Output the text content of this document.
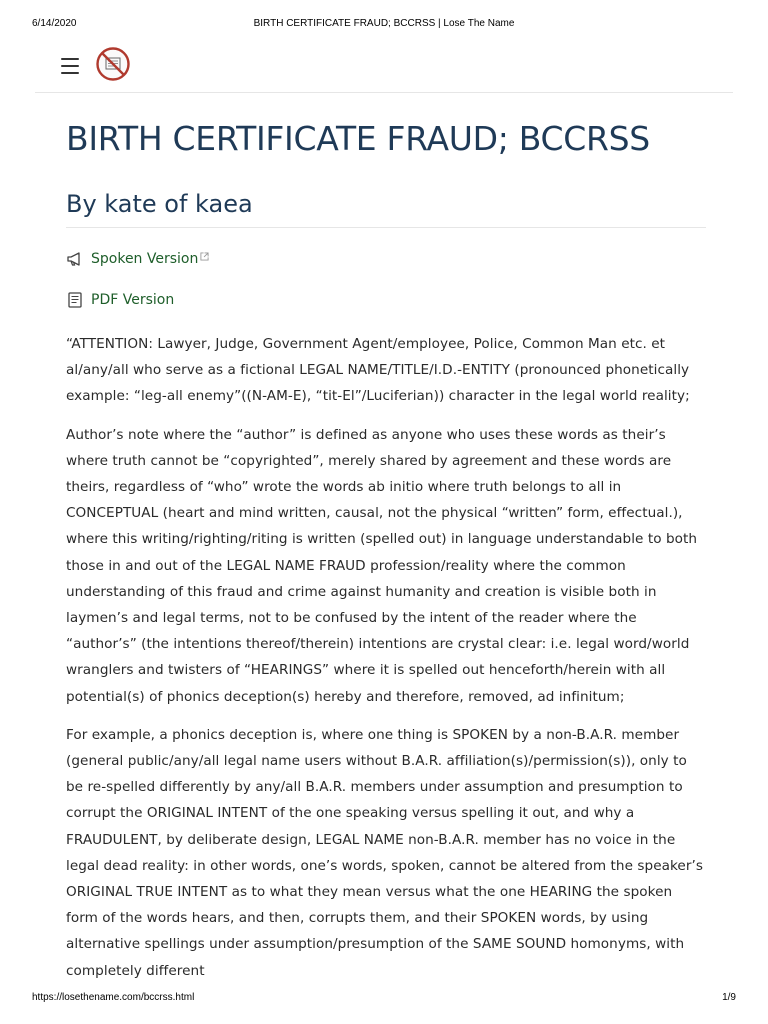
6/14/2020	BIRTH CERTIFICATE FRAUD; BCCRSS | Lose The Name
BIRTH CERTIFICATE FRAUD; BCCRSS
By kate of kaea
Spoken Version
PDF Version

“ATTENTION: Lawyer, Judge, Government Agent/employee, Police, Common Man etc. et al/any/all who serve as a fictional LEGAL NAME/TITLE/I.D.-ENTITY (pronounced phonetically example: “leg-all enemy”((N-AM-E), “tit-El”/Luciferian)) character in the legal world reality;

Author’s note where the “author” is defined as anyone who uses these words as their’s where truth cannot be “copyrighted”, merely shared by agreement and these words are theirs, regardless of “who” wrote the words ab initio where truth belongs to all in CONCEPTUAL (heart and mind written, causal, not the physical “written” form, effectual.), where this writing/righting/riting is written (spelled out) in language understandable to both those in and out of the LEGAL NAME FRAUD profession/reality where the common understanding of this fraud and crime against humanity and creation is visible both in laymen’s and legal terms, not to be confused by the intent of the reader where the “author’s” (the intentions thereof/therein) intentions are crystal clear: i.e. legal word/world wranglers and twisters of “HEARINGS” where it is spelled out henceforth/herein with all potential(s) of phonics deception(s) hereby and therefore, removed, ad infinitum;

For example, a phonics deception is, where one thing is SPOKEN by a non-B.A.R. member (general public/any/all legal name users without B.A.R. affiliation(s)/permission(s)), only to be re-spelled differently by any/all B.A.R. members under assumption and presumption to corrupt the ORIGINAL INTENT of the one speaking versus spelling it out, and why a FRAUDULENT, by deliberate design, LEGAL NAME non-B.A.R. member has no voice in the legal dead reality: in other words, one’s words, spoken, cannot be altered from the speaker’s ORIGINAL TRUE INTENT as to what they mean versus what the one HEARING the spoken form of the words hears, and then, corrupts them, and their SPOKEN words, by using alternative spellings under assumption/presumption of the SAME SOUND homonyms, with completely different

https://losethename.com/bccrss.html	1/9
